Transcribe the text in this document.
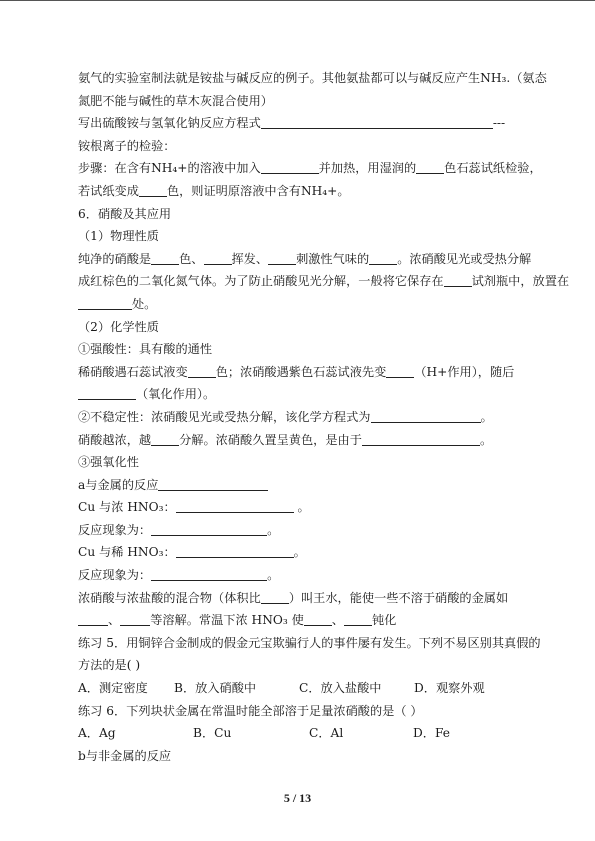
氨气的实验室制法就是铵盐与碱反应的例子。其他氨盐都可以与碱反应产生NH₃.（氨态
氮肥不能与碱性的草木灰混合使用）
写出硫酸铵与氢氧化钠反应方程式	---
铵根离子的检验：
步骤：在含有NH₄+的溶液中加入	并加热，用湿润的 色石蕊试纸检验，
若试纸变成 色，则证明原溶液中含有NH₄+。
6．硝酸及其应用
（1）物理性质
纯净的硝酸是 色、 挥发、 刺激性气味的 。浓硝酸见光或受热分解
成红棕色的二氧化氮气体。为了防止硝酸见光分解，一般将它保存在 试剂瓶中，放置在
处。
（2）化学性质
①强酸性：具有酸的通性
稀硝酸遇石蕊试液变 色；浓硝酸遇紫色石蕊试液先变 （H+作用），随后
（氧化作用）。
②不稳定性：浓硝酸见光或受热分解，该化学方程式为	。
硝酸越浓，越 分解。浓硝酸久置呈黄色，是由于	。
③强氧化性
a与金属的反应
Cu 与浓 HNO₃：	。
反应现象为：	。
Cu 与稀 HNO₃：	。
反应现象为：	。
浓硝酸与浓盐酸的混合物（体积比 ）叫王水，能使一些不溶于硝酸的金属如
、 等溶解。常温下浓 HNO₃ 使 、 钝化
练习 5．用铜锌合金制成的假金元宝欺骗行人的事件屡有发生。下列不易区别其真假的
方法的是( )
A．测定密度	B．放入硝酸中	C．放入盐酸中	D．观察外观
练习 6．下列块状金属在常温时能全部溶于足量浓硝酸的是（ ）
A．Ag	B．Cu	C．Al	D．Fe
b与非金属的反应
5 / 13
